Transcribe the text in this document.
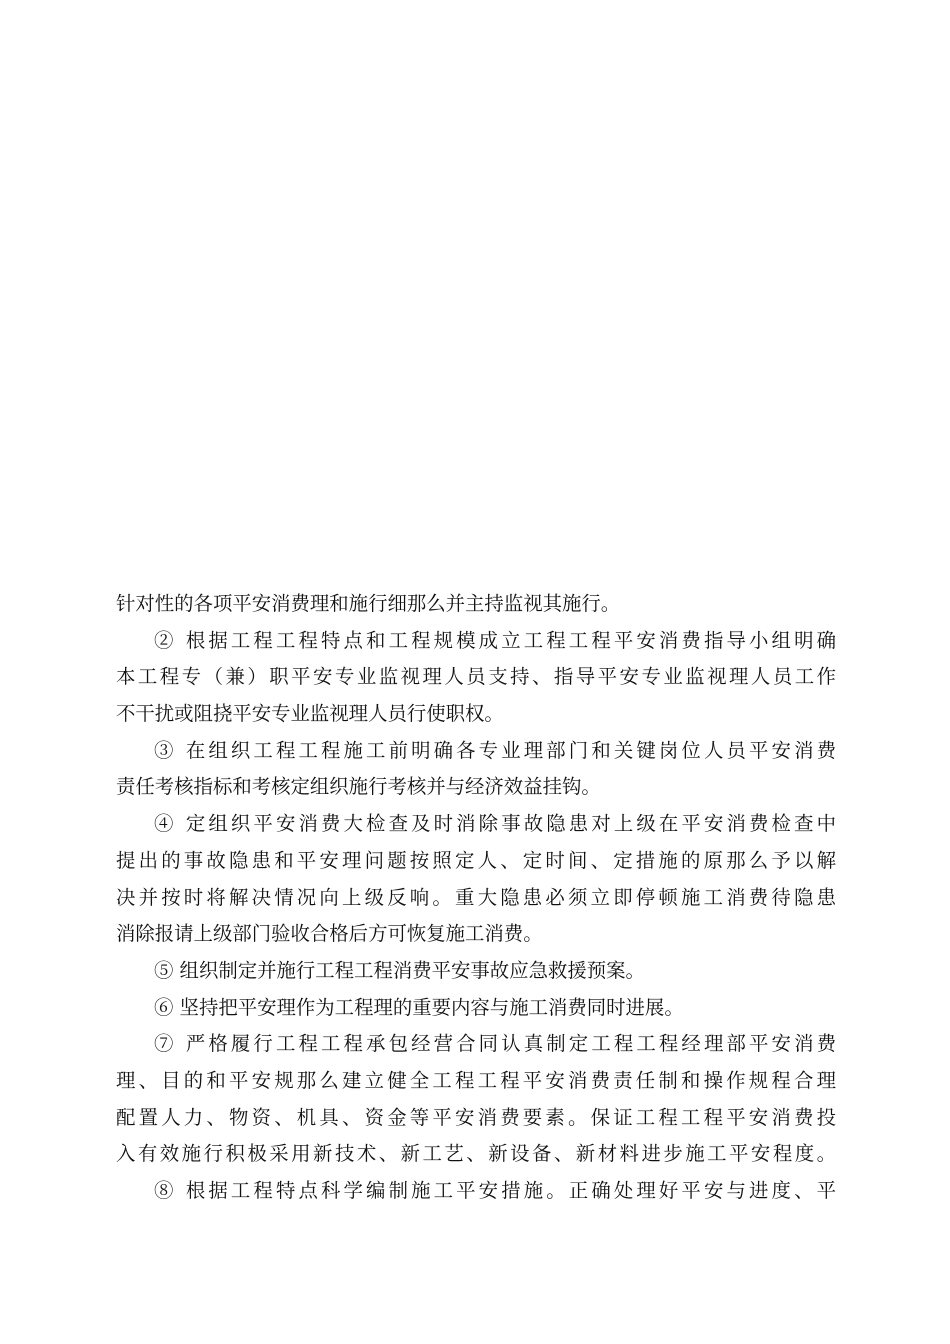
针对性的各项平安消费理和施行细那么并主持监视其施行。
② 根据工程工程特点和工程规模成立工程工程平安消费指导小组明确
本工程专（兼）职平安专业监视理人员支持、指导平安专业监视理人员工作
不干扰或阻挠平安专业监视理人员行使职权。
③ 在组织工程工程施工前明确各专业理部门和关键岗位人员平安消费
责任考核指标和考核定组织施行考核并与经济效益挂钩。
④ 定组织平安消费大检查及时消除事故隐患对上级在平安消费检查中
提出的事故隐患和平安理问题按照定人、定时间、定措施的原那么予以解
决并按时将解决情况向上级反响。重大隐患必须立即停顿施工消费待隐患
消除报请上级部门验收合格后方可恢复施工消费。
⑤ 组织制定并施行工程工程消费平安事故应急救援预案。
⑥ 坚持把平安理作为工程理的重要内容与施工消费同时进展。
⑦ 严格履行工程工程承包经营合同认真制定工程工程经理部平安消费
理、目的和平安规那么建立健全工程工程平安消费责任制和操作规程合理
配置人力、物资、机具、资金等平安消费要素。保证工程工程平安消费投
入有效施行积极采用新技术、新工艺、新设备、新材料进步施工平安程度。
⑧ 根据工程特点科学编制施工平安措施。正确处理好平安与进度、平
